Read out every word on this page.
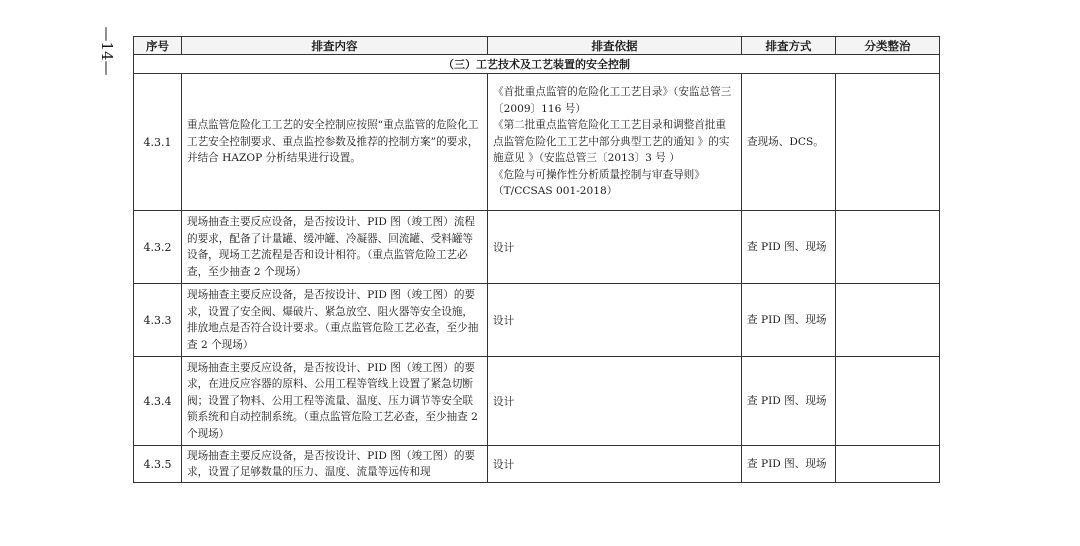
—14—	序号	排查内容	排查依据	排查方式	分类整治
（三）工艺技术及工艺装置的安全控制				
4.3.1	重点监管危险化工工艺的安全控制应按照“重点监管的危险化工工艺安全控制要求、重点监控参数及推荐的控制方案”的要求，并结合 HAZOP 分析结果进行设置。	《首批重点监管的危险化工工艺目录》（安监总管三〔2009〕116 号）

《第二批重点监管危险化工工艺目录和调整首批重点监管危险化工工艺中部分典型工艺的通知 》的实施意见 》（安监总管三〔2013〕3 号 ）

《危险与可操作性分析质量控制与审查导则》（T/CCSAS 001-2018）	查现场、DCS。	
4.3.2	现场抽查主要反应设备，是否按设计、PID 图（竣工图）流程的要求，配备了计量罐、缓冲罐、冷凝器、回流罐、受料罐等设备，现场工艺流程是否和设计相符。（重点监管危险工艺必查，至少抽查 2 个现场）	设计	查 PID 图、现场	
4.3.3	现场抽查主要反应设备，是否按设计、PID 图（竣工图）的要求，设置了安全阀、爆破片、紧急放空、阻火器等安全设施，排放地点是否符合设计要求。（重点监管危险工艺必查，至少抽查 2 个现场）	设计	查 PID 图、现场	
4.3.4	现场抽查主要反应设备，是否按设计、PID 图（竣工图）的要求，在进反应容器的原料、公用工程等管线上设置了紧急切断阀；设置了物料、公用工程等流量、温度、压力调节等安全联锁系统和自动控制系统。（重点监管危险工艺必查，至少抽查 2 个现场）	设计	查 PID 图、现场	
4.3.5	现场抽查主要反应设备，是否按设计、PID 图（竣工图）的要求，设置了足够数量的压力、温度、流量等远传和现	设计	查 PID 图、现场	
